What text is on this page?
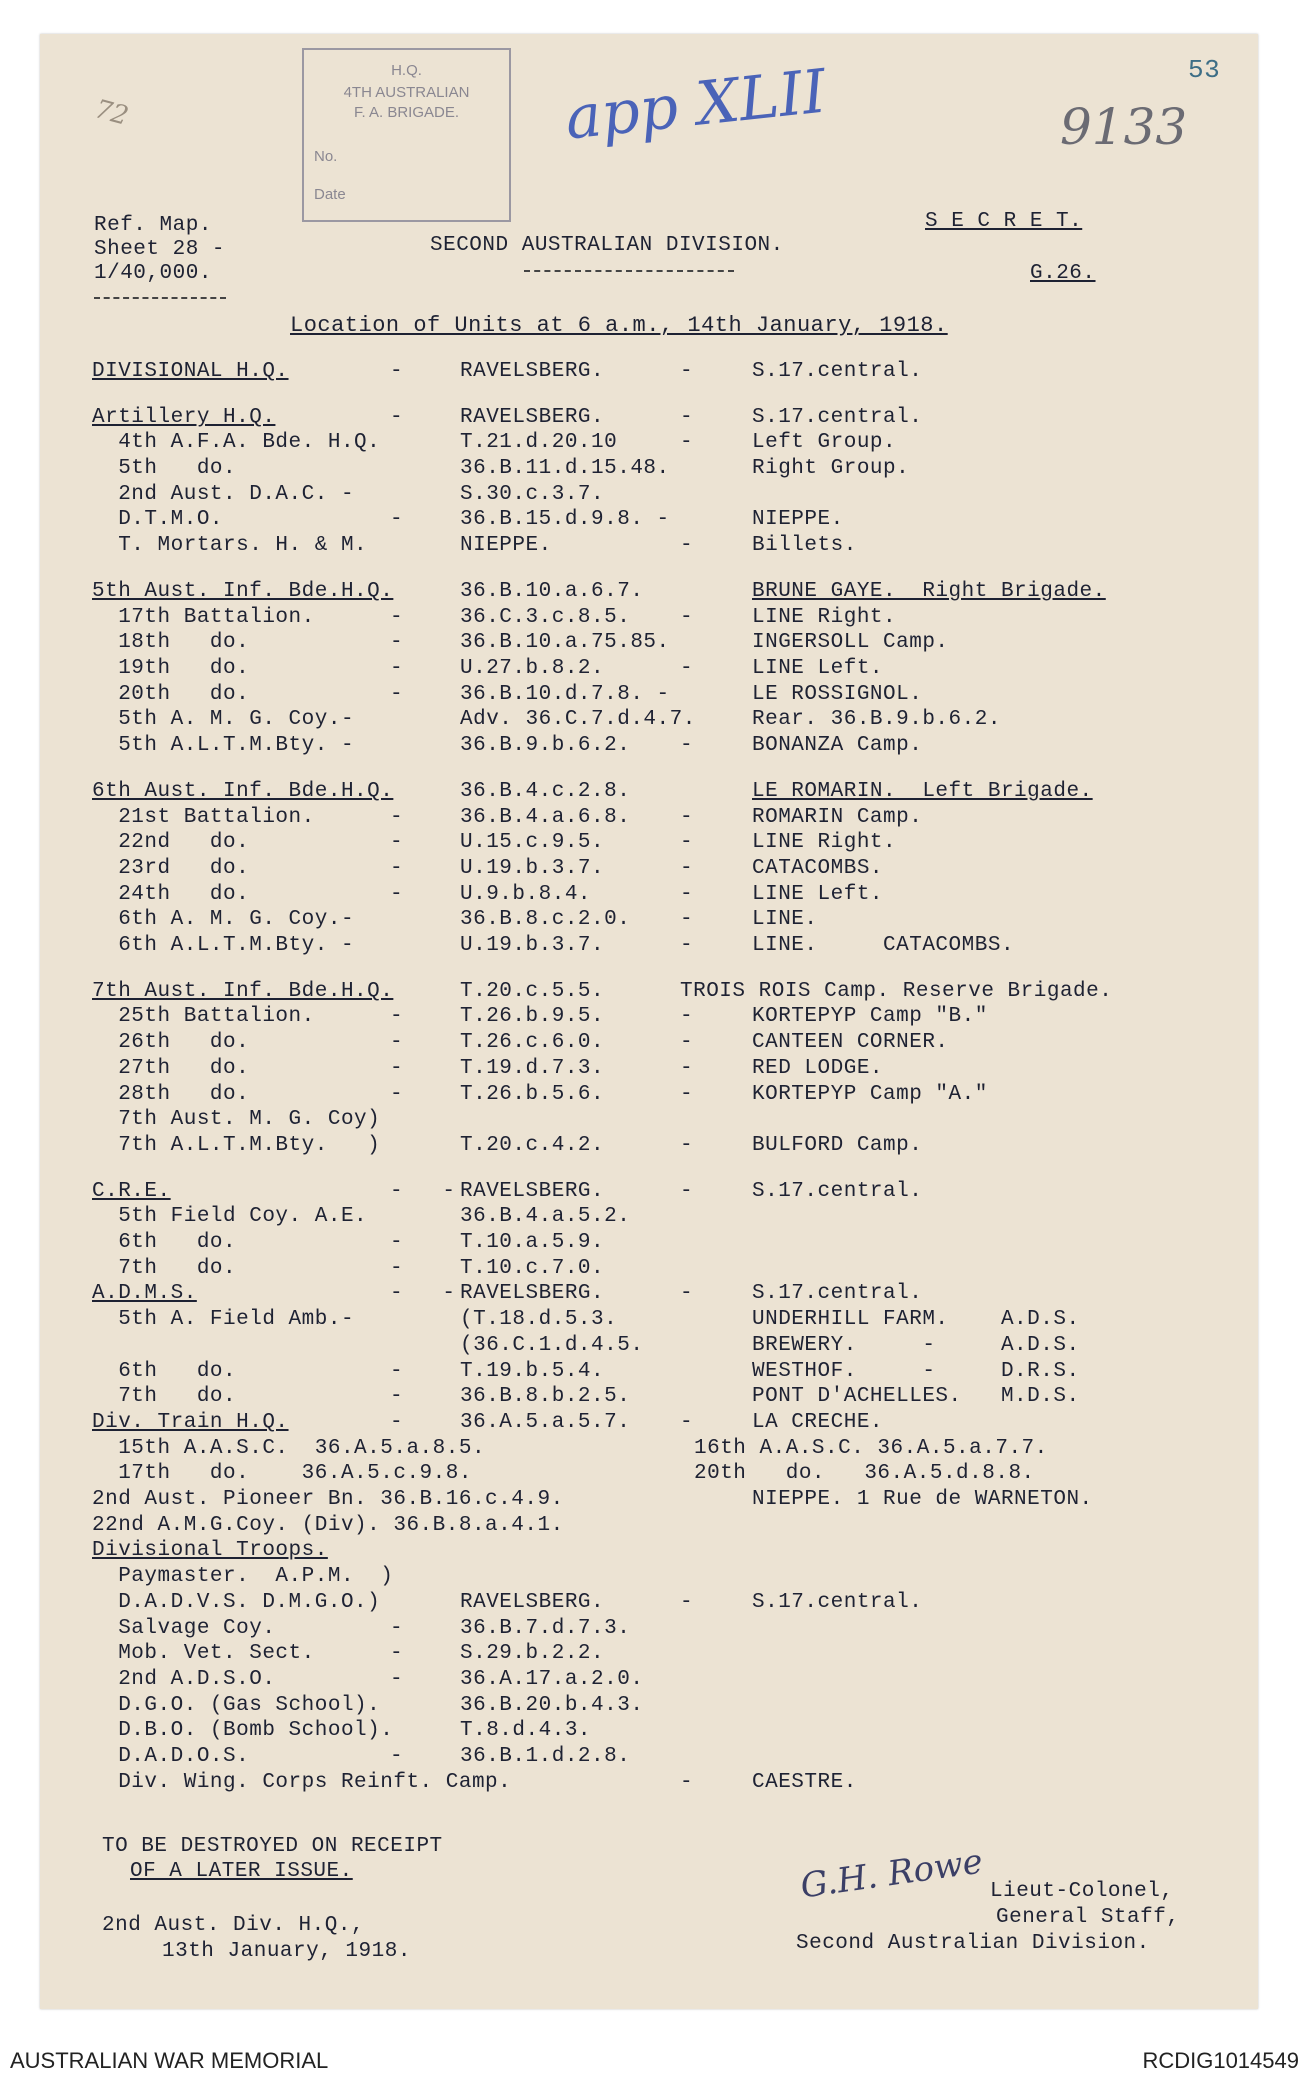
H.Q.
4TH AUSTRALIAN
F. A. BRIGADE.
No.
Date
72	app XLII	9133
53
Ref. Map.
Sheet 28 -
1/40,000.
SECOND AUSTRALIAN DIVISION.
S E C R E T.
G.26.
Location of Units at 6 a.m., 14th January, 1918.
DIVISIONAL H.Q.	-	RAVELSBERG.	-	S.17.central.
Artillery H.Q.	-	RAVELSBERG.	-	S.17.central.
4th A.F.A. Bde. H.Q.	T.21.d.20.10	-	Left Group.
5th   do.	36.B.11.d.15.48.	Right Group.
2nd Aust. D.A.C. -	S.30.c.3.7.
D.T.M.O.	-	36.B.15.d.9.8. -	NIEPPE.
T. Mortars. H. & M.	NIEPPE.	-	Billets.
5th Aust. Inf. Bde.H.Q.	36.B.10.a.6.7.	BRUNE GAYE.  Right Brigade.
17th Battalion.	-	36.C.3.c.8.5. -	LINE Right.
18th   do.	-	36.B.10.a.75.85.	INGERSOLL Camp.
19th   do.	-	U.27.b.8.2.	-	LINE Left.
20th   do.	-	36.B.10.d.7.8. -	LE ROSSIGNOL.
5th A. M. G. Coy.-	Adv. 36.C.7.d.4.7.	Rear. 36.B.9.b.6.2.
5th A.L.T.M.Bty. -	36.B.9.b.6.2. -	BONANZA Camp.
6th Aust. Inf. Bde.H.Q.	36.B.4.c.2.8.	LE ROMARIN.  Left Brigade.
21st Battalion.	-	36.B.4.a.6.8. -	ROMARIN Camp.
22nd   do.	-	U.15.c.9.5.	-	LINE Right.
23rd   do.	-	U.19.b.3.7.	-	CATACOMBS.
24th   do.	-	U.9.b.8.4.	-	LINE Left.
6th A. M. G. Coy.-	36.B.8.c.2.0. -	LINE.
6th A.L.T.M.Bty. -	U.19.b.3.7.	-	LINE.     CATACOMBS.
7th Aust. Inf. Bde.H.Q.	T.20.c.5.5.	TROIS ROIS Camp. Reserve Brigade.
25th Battalion.	-	T.26.b.9.5.	-	KORTEPYP Camp "B."
26th   do.	-	T.26.c.6.0.	-	CANTEEN CORNER.
27th   do.	-	T.19.d.7.3.	-	RED LODGE.
28th   do.	-	T.26.b.5.6.	-	KORTEPYP Camp "A."
7th Aust. M. G. Coy)
7th A.L.T.M.Bty.   )	T.20.c.4.2.	-	BULFORD Camp.
C.R.E.	-   - RAVELSBERG.	-	S.17.central.
5th Field Coy. A.E.	36.B.4.a.5.2.
6th   do.	-	T.10.a.5.9.
7th   do.	-	T.10.c.7.0.
A.D.M.S.	-   - RAVELSBERG.	-	S.17.central.
5th A. Field Amb.-	(T.18.d.5.3.	UNDERHILL FARM.    A.D.S.
(36.C.1.d.4.5.	BREWERY.     -     A.D.S.
6th   do.	-	T.19.b.5.4.	WESTHOF.     -     D.R.S.
7th   do.	-	36.B.8.b.2.5.	PONT D'ACHELLES.   M.D.S.
Div. Train H.Q.	-	36.A.5.a.5.7. -	LA CRECHE.
15th A.A.S.C.  36.A.5.a.8.5.	16th A.A.S.C. 36.A.5.a.7.7.
17th   do.    36.A.5.c.9.8.	20th   do.   36.A.5.d.8.8.
2nd Aust. Pioneer Bn. 36.B.16.c.4.9.	NIEPPE. 1 Rue de WARNETON.
22nd A.M.G.Coy. (Div). 36.B.8.a.4.1.
Divisional Troops.
Paymaster.  A.P.M.  )
D.A.D.V.S. D.M.G.O.)	RAVELSBERG.	-	S.17.central.
Salvage Coy.	-	36.B.7.d.7.3.
Mob. Vet. Sect.	-	S.29.b.2.2.
2nd A.D.S.O.	-	36.A.17.a.2.0.
D.G.O. (Gas School).	36.B.20.b.4.3.
D.B.O. (Bomb School).	T.8.d.4.3.
D.A.D.O.S.	-	36.B.1.d.2.8.
Div. Wing. Corps Reinft. Camp.	-	CAESTRE.
TO BE DESTROYED ON RECEIPT
OF A LATER ISSUE.
2nd Aust. Div. H.Q.,
13th January, 1918.
G.H. Rowe Lieut-Colonel,
General Staff,
Second Australian Division.
AUSTRALIAN WAR MEMORIAL	RCDIG1014549
